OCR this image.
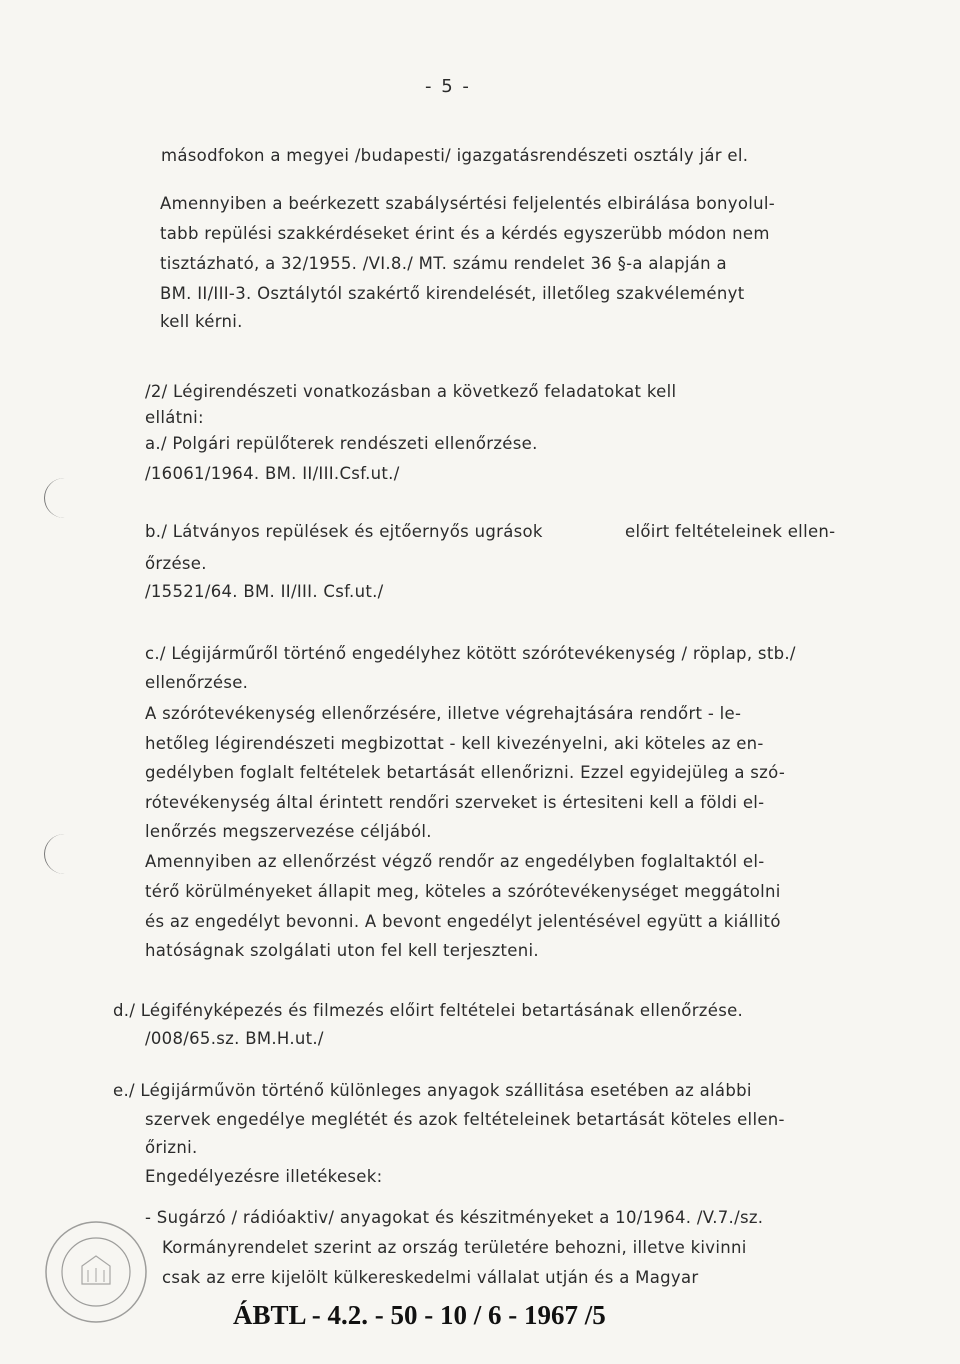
- 5 -
másodfokon a megyei /budapesti/ igazgatásrendészeti osztály jár el.
Amennyiben a beérkezett szabálysértési feljelentés elbirálása bonyolul-
tabb repülési szakkérdéseket érint és a kérdés egyszerübb módon nem
tisztázható, a 32/1955. /VI.8./ MT. számu rendelet 36 §-a alapján a
BM. II/III-3. Osztálytól szakértő kirendelését, illetőleg szakvéleményt
kell kérni.
/2/ Légirendészeti vonatkozásban a következő feladatokat kell
ellátni:
a./ Polgári repülőterek rendészeti ellenőrzése.
/16061/1964. BM. II/III.Csf.ut./
b./ Látványos repülések és ejtőernyős ugrások	előirt feltételeinek ellen-
őrzése.
/15521/64. BM. II/III. Csf.ut./
c./ Légijárműről történő engedélyhez kötött szórótevékenység / röplap, stb./
ellenőrzése.
A szórótevékenység ellenőrzésére, illetve végrehajtására rendőrt - le-
hetőleg légirendészeti megbizottat - kell kivezényelni, aki köteles az en-
gedélyben foglalt feltételek betartását ellenőrizni. Ezzel egyidejüleg a szó-
rótevékenység által érintett rendőri szerveket is értesiteni kell a földi el-
lenőrzés megszervezése céljából.
Amennyiben az ellenőrzést végző rendőr az engedélyben foglaltaktól el-
térő körülményeket állapit meg, köteles a szórótevékenységet meggátolni
és az engedélyt bevonni. A bevont engedélyt jelentésével együtt a kiállitó
hatóságnak szolgálati uton fel kell terjeszteni.
d./ Légifényképezés és filmezés előirt feltételei betartásának ellenőrzése.
/008/65.sz. BM.H.ut./
e./ Légijárművön történő különleges anyagok szállitása esetében az alábbi
szervek engedélye meglétét és azok feltételeinek betartását köteles ellen-
őrizni.
Engedélyezésre illetékesek:
- Sugárzó / rádióaktiv/ anyagokat és készitményeket a 10/1964. /V.7./sz.
Kormányrendelet szerint az ország területére behozni, illetve kivinni
csak az erre kijelölt külkereskedelmi vállalat utján és a Magyar
ÁBTL - 4.2. - 50 - 10 / 6 - 1967 /5
